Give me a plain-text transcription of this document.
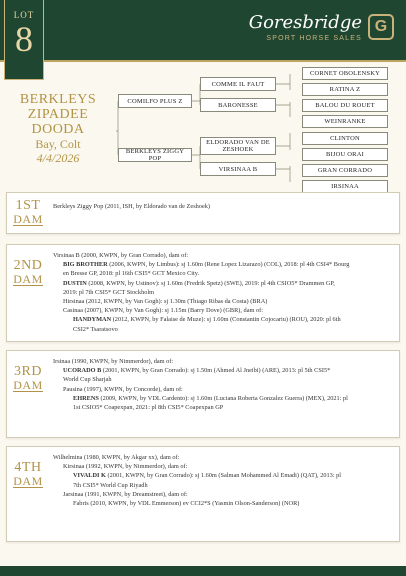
LOT
8	Goresbridge
SPORT HORSE SALES
G
BERKLEYS
ZIPADEE
DOODA
Bay, Colt
4/4/2026
COMILFO PLUS Z
BERKLEYS ZIGGY POP
COMME IL FAUT
BARONESSE
ELDORADO VAN DE ZESHOEK
VIRSINAA B
CORNET OBOLENSKY
RATINA Z
BALOU DU ROUET
WEINRANKE
CLINTON
BIJOU ORAI
GRAN CORRADO
IRSINAA
1ST
DAM

Berkleys Ziggy Pop (2011, ISH, by Eldorado van de Zeshoek)

2ND
DAM

Virsinaa B (2000, KWPN, by Gran Corrado), dam of:

BIG BROTHER (2006, KWPN, by Limbus): sj 1.60m (Rene Lopez Lizarazo) (COL), 2018: pl 4th CSI4* Bourg

en Bresse GP, 2018: pl 16th CSI5* GCT Mexico City.

DUSTIN (2008, KWPN, by Ustinov): sj 1.60m (Fredrik Spetz) (SWE), 2019: pl 4th CSIO5* Drammen GP,

2019: pl 7th CSI5* GCT Stockholm

Hirsinaa (2012, KWPN, by Van Gogh): sj 1.30m (Thiago Ribas da Costa) (BRA)

Casinaa (2007), KWPN, by Van Gogh): sj 1.15m (Barry Dove) (GBR), dam of:

HANDYMAN (2012, KWPN, by Falaise de Muze): sj 1.60m (Constantin Cojocariu) (ROU), 2020: pl 6th

CSI2* Tsaratsovo

3RD
DAM

Irsinaa (1990, KWPN, by Nimmerdor), dam of:

UCORADO B (2001, KWPN, by Gran Corrado): sj 1.50m (Ahmed Al Jneibi) (ARE), 2013: pl 5th CSI5*

World Cup Sharjah

Pausina (1997), KWPN, by Concorde), dam of:

EHRENS (2009, KWPN, by VDL Cardento): sj 1.60m (Luciana Roberta Gonzalez Guerra) (MEX), 2021: pl

1st CSIO5* Coapexpan, 2021: pl 8th CSI5* Coapexpan GP

4TH
DAM

Wilhelmina (1980, KWPN, by Akgar xx), dam of:

Kirsinaa (1992, KWPN, by Nimmerdor), dam of:

VIVALDI K (2001, KWPN, by Gran Corrado): sj 1.60m (Salman Mohammed Al Emadi) (QAT), 2013: pl

7th CSI5* World Cup Riyadh

Jarsinaa (1991, KWPN, by Dreamstreet), dam of:

Fabris (2010, KWPN, by VDL Emmerson) ev CCI2*S (Yasmin Olson-Sanderson) (NOR)
